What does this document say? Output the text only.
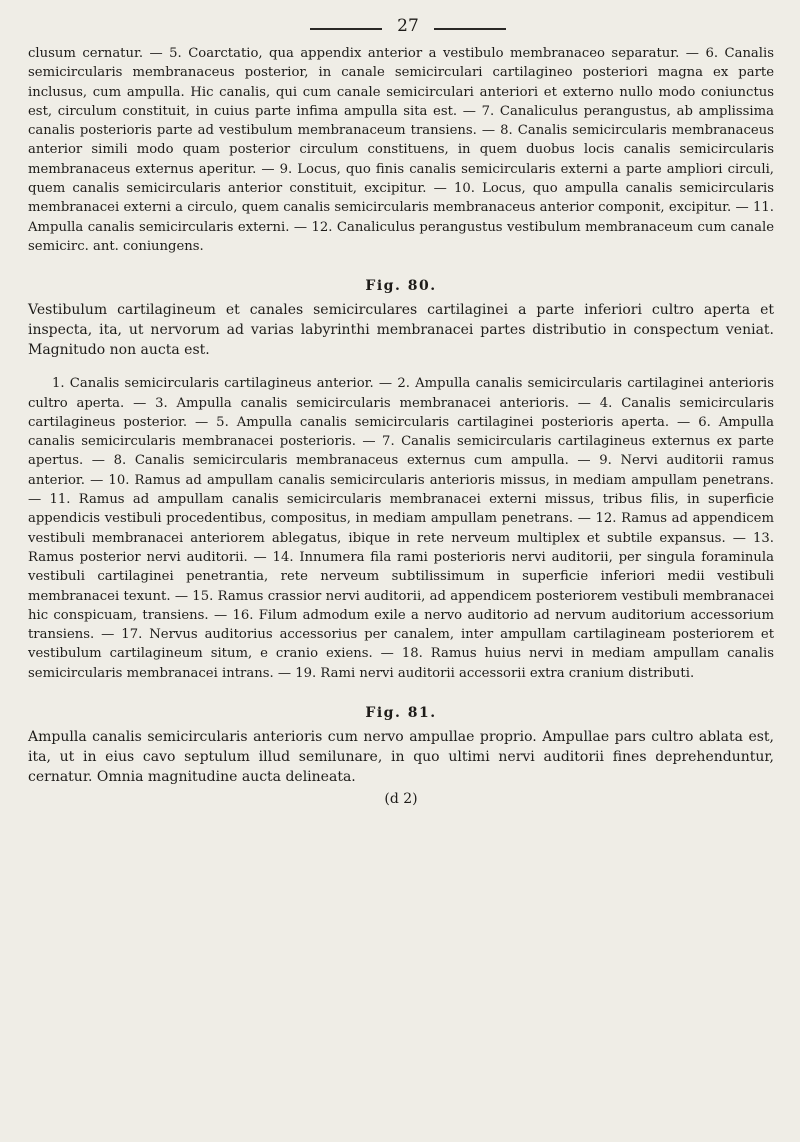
27

clusum cernatur. — 5. Coarctatio, qua appendix anterior a vestibulo membranaceo separatur. — 6. Canalis semicircularis membranaceus posterior, in canale semicirculari cartilagineo posteriori magna ex parte inclusus, cum ampulla. Hic canalis, qui cum canale semicirculari anteriori et externo nullo modo coniunctus est, circulum constituit, in cuius parte infima ampulla sita est. — 7. Canaliculus perangustus, ab amplissima canalis posterioris parte ad vestibulum membranaceum transiens. — 8. Canalis semicircularis membranaceus anterior simili modo quam posterior circulum constituens, in quem duobus locis canalis semicircularis membranaceus externus aperitur. — 9. Locus, quo finis canalis semicircularis externi a parte ampliori circuli, quem canalis semicircularis anterior constituit, excipitur. — 10. Locus, quo ampulla canalis semicircularis membranacei externi a circulo, quem canalis semicircularis membranaceus anterior componit, excipitur. — 11. Ampulla canalis semicircularis externi. — 12. Canaliculus perangustus vestibulum membranaceum cum canale semicirc. ant. coniungens.

Fig. 80.

Vestibulum cartilagineum et canales semicirculares cartilaginei a parte inferiori cultro aperta et inspecta, ita, ut nervorum ad varias labyrinthi membranacei partes distributio in conspectum veniat. Magnitudo non aucta est.

1. Canalis semicircularis cartilagineus anterior. — 2. Ampulla canalis semicircularis cartilaginei anterioris cultro aperta. — 3. Ampulla canalis semicircularis membranacei anterioris. — 4. Canalis semicircularis cartilagineus posterior. — 5. Ampulla canalis semicircularis cartilaginei posterioris aperta. — 6. Ampulla canalis semicircularis membranacei posterioris. — 7. Canalis semicircularis cartilagineus externus ex parte apertus. — 8. Canalis semicircularis membranaceus externus cum ampulla. — 9. Nervi auditorii ramus anterior. — 10. Ramus ad ampullam canalis semicircularis anterioris missus, in mediam ampullam penetrans. — 11. Ramus ad ampullam canalis semicircularis membranacei externi missus, tribus filis, in superficie appendicis vestibuli procedentibus, compositus, in mediam ampullam penetrans. — 12. Ramus ad appendicem vestibuli membranacei anteriorem ablegatus, ibique in rete nerveum multiplex et subtile expansus. — 13. Ramus posterior nervi auditorii. — 14. Innumera fila rami posterioris nervi auditorii, per singula foraminula vestibuli cartilaginei penetrantia, rete nerveum subtilissimum in superficie inferiori medii vestibuli membranacei texunt. — 15. Ramus crassior nervi auditorii, ad appendicem posteriorem vestibuli membranacei hic conspicuam, transiens. — 16. Filum admodum exile a nervo auditorio ad nervum auditorium accessorium transiens. — 17. Nervus auditorius accessorius per canalem, inter ampullam cartilagineam posteriorem et vestibulum cartilagineum situm, e cranio exiens. — 18. Ramus huius nervi in mediam ampullam canalis semicircularis membranacei intrans. — 19. Rami nervi auditorii accessorii extra cranium distributi.

Fig. 81.

Ampulla canalis semicircularis anterioris cum nervo ampullae proprio. Ampullae pars cultro ablata est, ita, ut in eius cavo septulum illud semilunare, in quo ultimi nervi auditorii fines deprehenduntur, cernatur. Omnia magnitudine aucta delineata.

(d 2)
